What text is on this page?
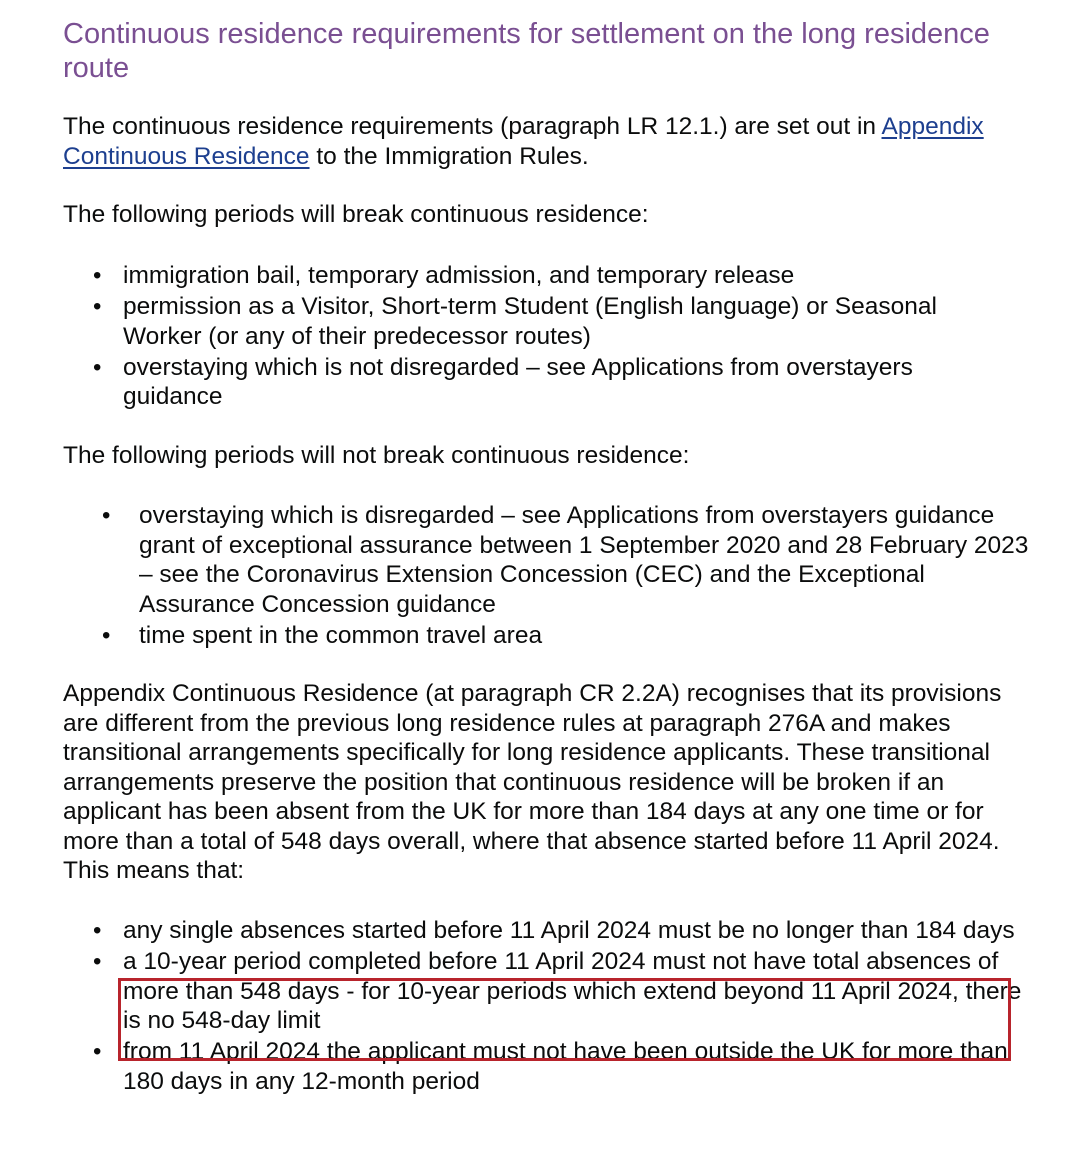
Continuous residence requirements for settlement on the long residence route

The continuous residence requirements (paragraph LR 12.1.) are set out in Appendix Continuous Residence to the Immigration Rules.

The following periods will break continuous residence:

• immigration bail, temporary admission, and temporary release
• permission as a Visitor, Short-term Student (English language) or Seasonal Worker (or any of their predecessor routes)
• overstaying which is not disregarded – see Applications from overstayers guidance

The following periods will not break continuous residence:

• overstaying which is disregarded – see Applications from overstayers guidance grant of exceptional assurance between 1 September 2020 and 28 February 2023 – see the Coronavirus Extension Concession (CEC) and the Exceptional Assurance Concession guidance
• time spent in the common travel area

Appendix Continuous Residence (at paragraph CR 2.2A) recognises that its provisions are different from the previous long residence rules at paragraph 276A and makes transitional arrangements specifically for long residence applicants. These transitional arrangements preserve the position that continuous residence will be broken if an applicant has been absent from the UK for more than 184 days at any one time or for more than a total of 548 days overall, where that absence started before 11 April 2024. This means that:

• any single absences started before 11 April 2024 must be no longer than 184 days
• a 10-year period completed before 11 April 2024 must not have total absences of more than 548 days - for 10-year periods which extend beyond 11 April 2024, there is no 548-day limit
• from 11 April 2024 the applicant must not have been outside the UK for more than 180 days in any 12-month period
